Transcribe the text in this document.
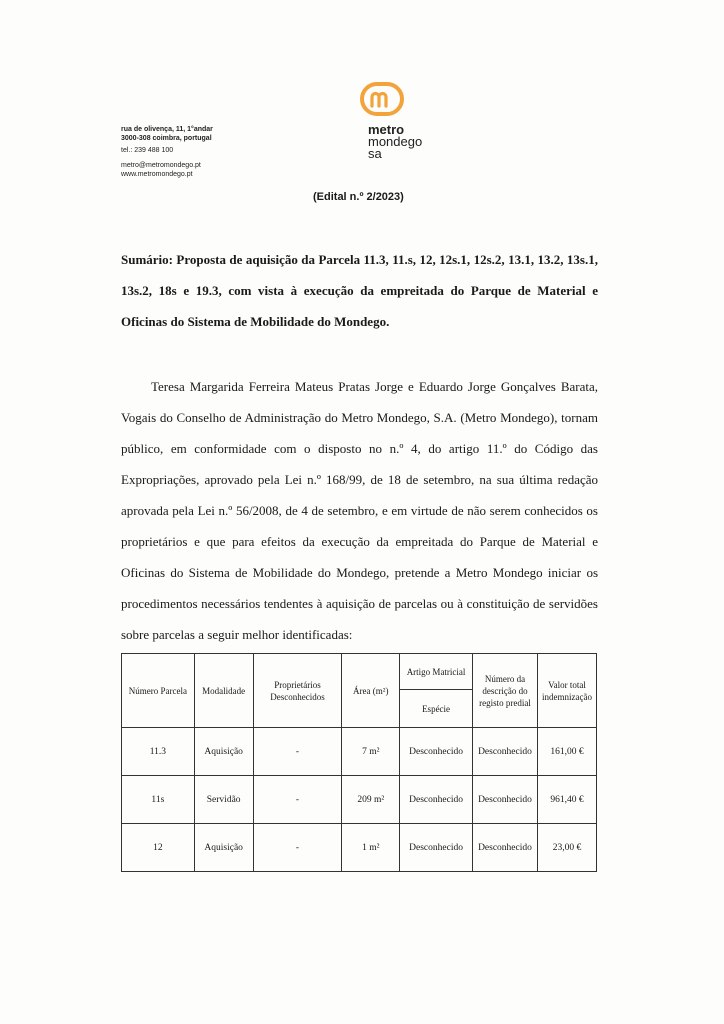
rua de olivença, 11, 1°andar
3000-308 coimbra, portugal
tel.: 239 488 100
metro@metromondego.pt
www.metromondego.pt
metro
mondego
sa
(Edital n.º 2/2023)
Sumário: Proposta de aquisição da Parcela 11.3, 11.s, 12, 12s.1, 12s.2, 13.1, 13.2, 13s.1, 13s.2, 18s e 19.3, com vista à execução da empreitada do Parque de Material e Oficinas do Sistema de Mobilidade do Mondego.
Teresa Margarida Ferreira Mateus Pratas Jorge e Eduardo Jorge Gonçalves Barata, Vogais do Conselho de Administração do Metro Mondego, S.A. (Metro Mondego), tornam público, em conformidade com o disposto no n.º 4, do artigo 11.º do Código das Expropriações, aprovado pela Lei n.º 168/99, de 18 de setembro, na sua última redação aprovada pela Lei n.º 56/2008, de 4 de setembro, e em virtude de não serem conhecidos os proprietários e que para efeitos da execução da empreitada do Parque de Material e Oficinas do Sistema de Mobilidade do Mondego, pretende a Metro Mondego iniciar os procedimentos necessários tendentes à aquisição de parcelas ou à constituição de servidões sobre parcelas a seguir melhor identificadas:
Número Parcela	Modalidade	Proprietários Desconhecidos	Área (m²)	Artigo Matricial	Número da descrição do registo predial	Valor total indemnização
				Espécie		
11.3	Aquisição	-	7 m²	Desconhecido	Desconhecido	161,00 €
11s	Servidão	-	209 m²	Desconhecido	Desconhecido	961,40 €
12	Aquisição	-	1 m²	Desconhecido	Desconhecido	23,00 €
